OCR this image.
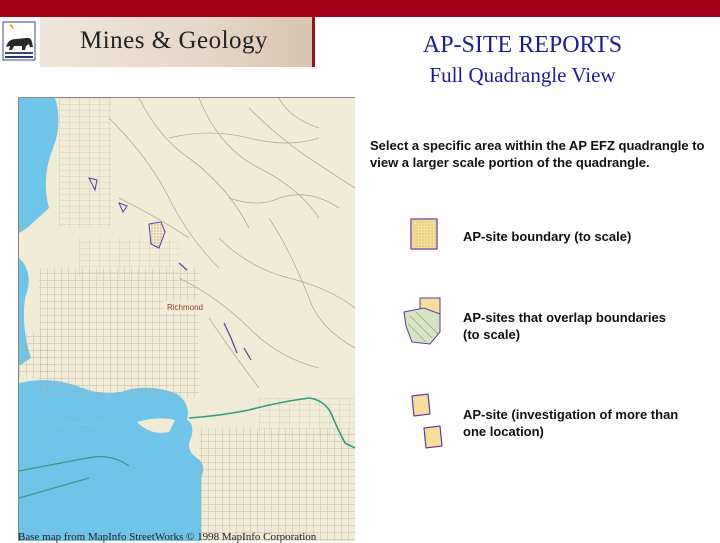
Mines & Geology	AP-SITE REPORTS
Full Quadrangle View
Richmond
Base map from MapInfo StreetWorks © 1998 MapInfo Corporation
Select a specific area within the AP EFZ quadrangle to view a larger scale portion of the quadrangle.
AP-site boundary (to scale)
AP-sites that overlap boundaries (to scale)
AP-site (investigation of more than one location)
